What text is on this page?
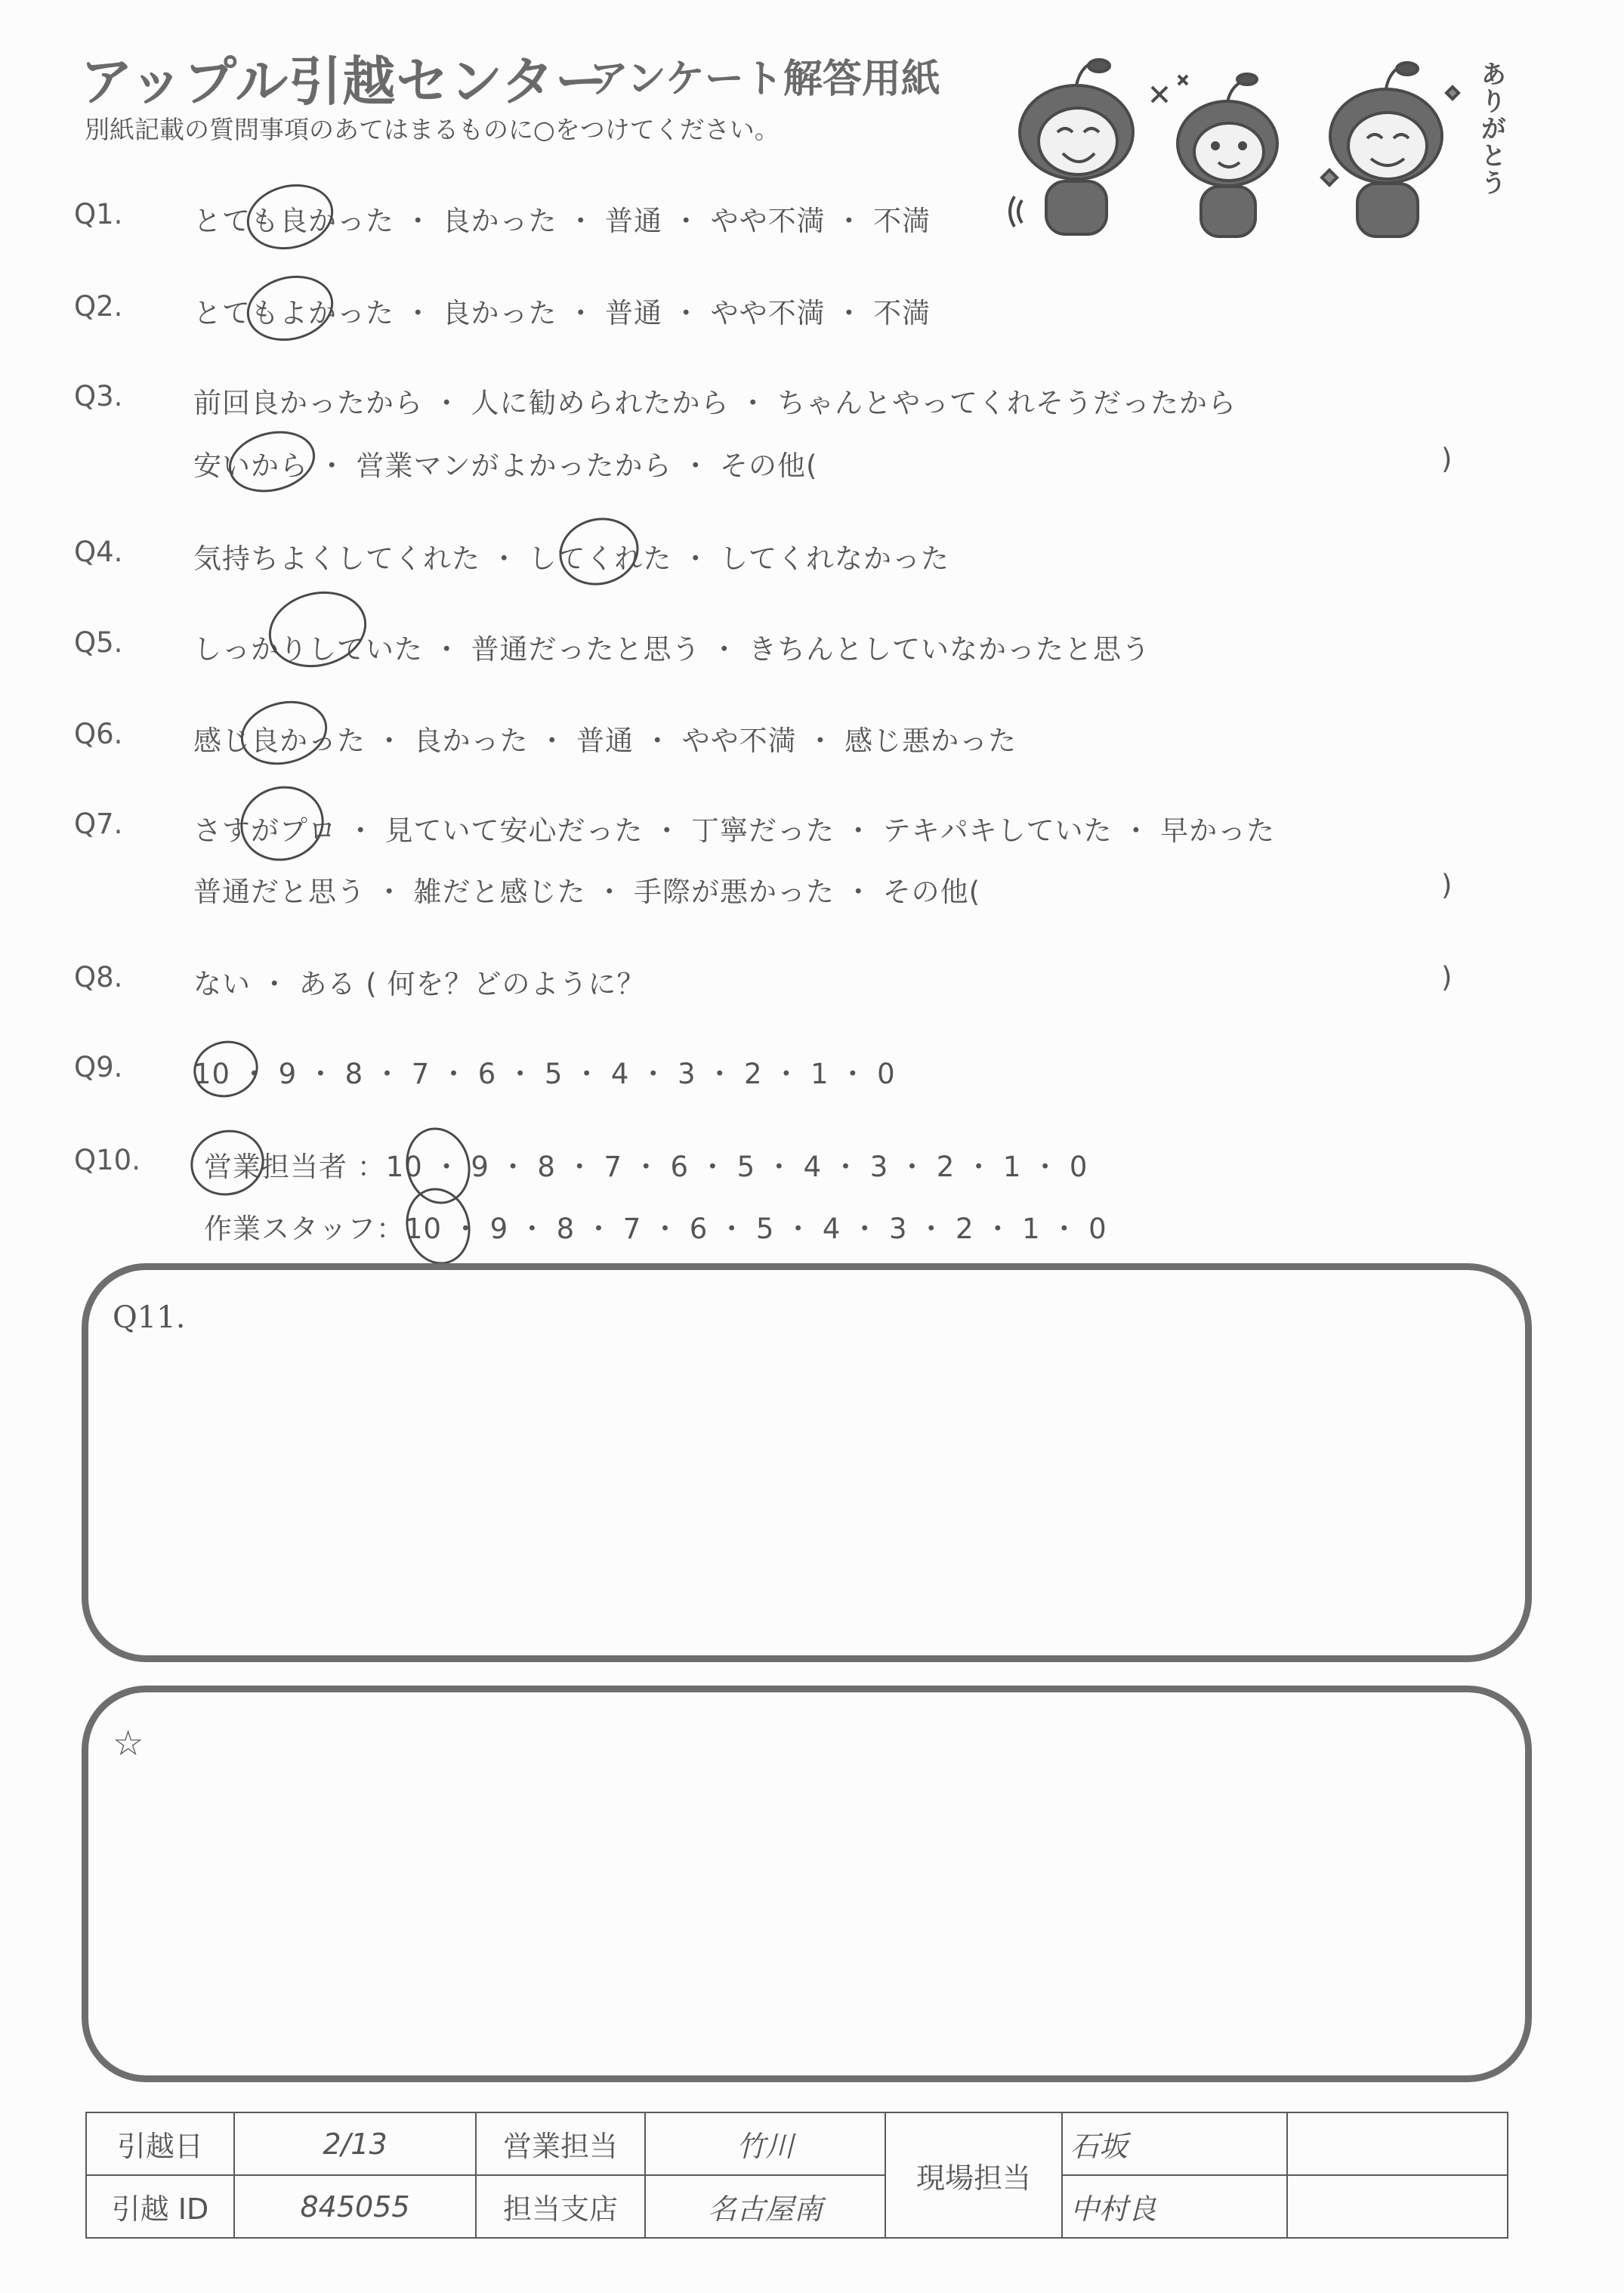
アップル引越センター
アンケート解答用紙
別紙記載の質問事項のあてはまるものに○をつけてください。	ありがとう
Q1.	とても良かった ・ 良かった ・ 普通 ・ やや不満 ・ 不満
Q2.	とてもよかった ・ 良かった ・ 普通 ・ やや不満 ・ 不満
Q3.	前回良かったから ・ 人に勧められたから ・ ちゃんとやってくれそうだったから
安いから ・ 営業マンがよかったから ・ その他(	)
Q4.	気持ちよくしてくれた ・ してくれた ・ してくれなかった
Q5.	しっかりしていた ・ 普通だったと思う ・ きちんとしていなかったと思う
Q6.	感じ良かった ・ 良かった ・ 普通 ・ やや不満 ・ 感じ悪かった
Q7.	さすがプロ ・ 見ていて安心だった ・ 丁寧だった ・ テキパキしていた ・ 早かった
普通だと思う ・ 雑だと感じた ・ 手際が悪かった ・ その他(	)
Q8.	ない ・ ある ( 何を？どのように？	)
Q9.	10 ・ 9 ・ 8 ・ 7 ・ 6 ・ 5 ・ 4 ・ 3 ・ 2 ・ 1 ・ 0
Q10. 営業担当者 ：10 ・ 9 ・ 8 ・ 7 ・ 6 ・ 5 ・ 4 ・ 3 ・ 2 ・ 1 ・ 0
作業スタッフ：10 ・ 9 ・ 8 ・ 7 ・ 6 ・ 5 ・ 4 ・ 3 ・ 2 ・ 1 ・ 0
Q11.
☆
引越日	2/13	営業担当	竹川	現場担当	石坂	
引越 ID	845055	担当支店	名古屋南		中村良	
